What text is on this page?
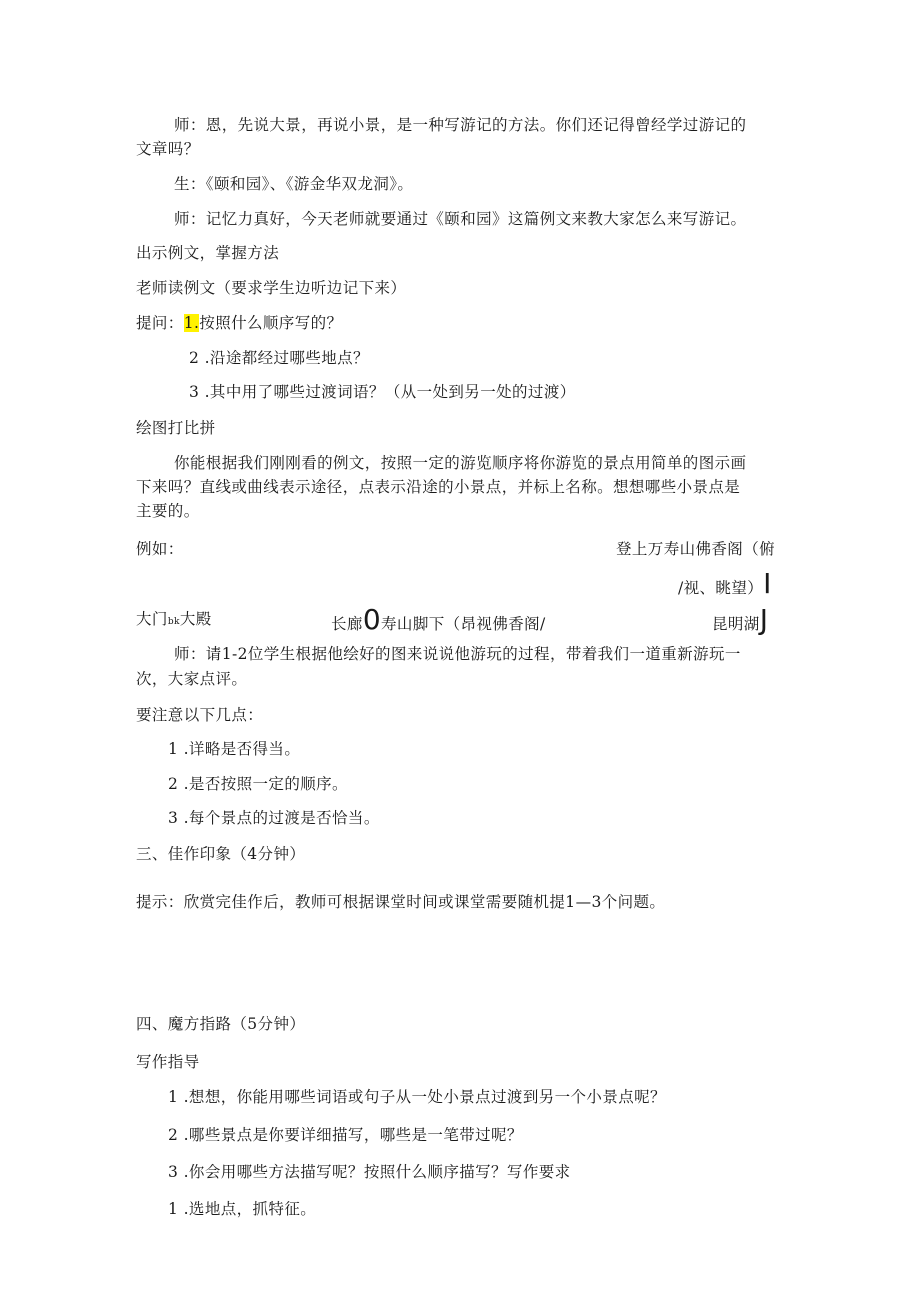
师：恩，先说大景，再说小景，是一种写游记的方法。你们还记得曾经学过游记的
文章吗？
生：《颐和园》、《游金华双龙洞》。
师：记忆力真好，今天老师就要通过《颐和园》这篇例文来教大家怎么来写游记。
出示例文，掌握方法
老师读例文（要求学生边听边记下来）
提问：1.按照什么顺序写的？
2 .沿途都经过哪些地点？
3 .其中用了哪些过渡词语？（从一处到另一处的过渡）
绘图打比拼
你能根据我们刚刚看的例文，按照一定的游览顺序将你游览的景点用简单的图示画
下来吗？直线或曲线表示途径，点表示沿途的小景点，并标上名称。想想哪些小景点是
主要的。
例如：	登上万寿山佛香阁（俯
/视、眺望）I
大门bk大殿	长廊0寿山脚下（昂视佛香阁/	昆明湖J
师：请1-2位学生根据他绘好的图来说说他游玩的过程，带着我们一道重新游玩一
次，大家点评。
要注意以下几点：
1 .详略是否得当。
2 .是否按照一定的顺序。
3 .每个景点的过渡是否恰当。
三、佳作印象（4分钟）
提示：欣赏完佳作后，教师可根据课堂时间或课堂需要随机提1—3个问题。
四、魔方指路（5分钟）
写作指导
1 .想想，你能用哪些词语或句子从一处小景点过渡到另一个小景点呢？
2 .哪些景点是你要详细描写，哪些是一笔带过呢？
3 .你会用哪些方法描写呢？按照什么顺序描写？写作要求
1 .选地点，抓特征。
